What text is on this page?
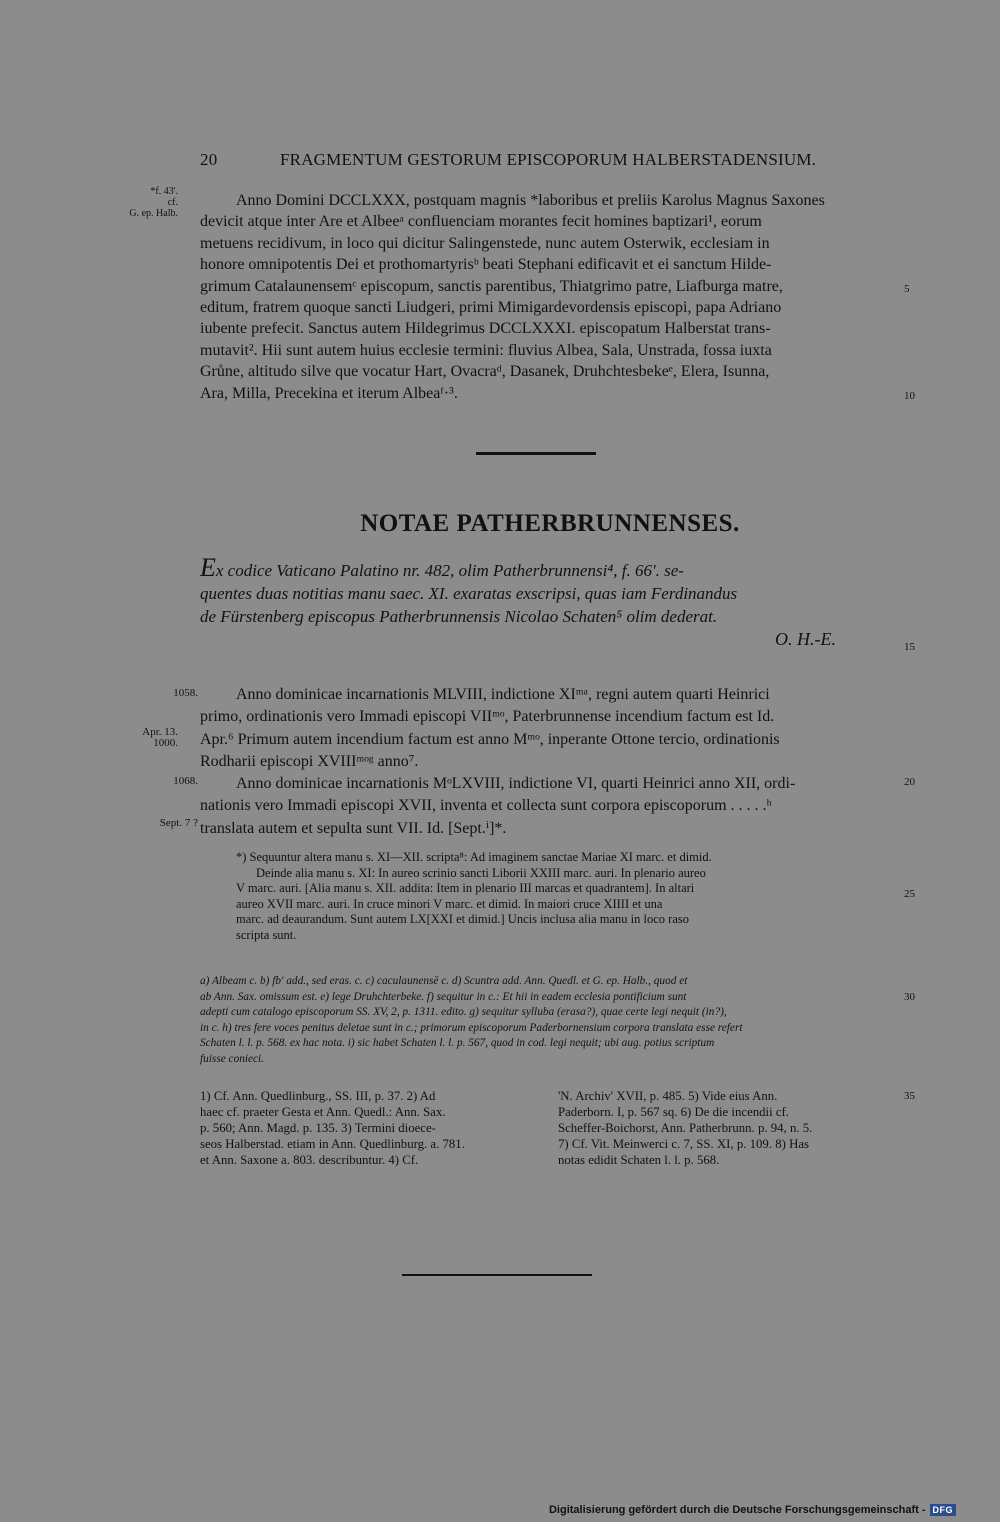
20	FRAGMENTUM GESTORUM EPISCOPORUM HALBERSTADENSIUM.
*f. 43'.
cf.
G. ep. Halb.
Anno Domini DCCLXXX, postquam magnis *laboribus et preliis Karolus Magnus Saxones
devicit atque inter Are et Albeeᵃ confluenciam morantes fecit homines baptizari¹, eorum
metuens recidivum, in loco qui dicitur Salingenstede, nunc autem Osterwik, ecclesiam in
honore omnipotentis Dei et prothomartyrisᵇ beati Stephani edificavit et ei sanctum Hilde-
grimum Catalaunensemᶜ episcopum, sanctis parentibus, Thiatgrimo patre, Liafburga matre,
editum, fratrem quoque sancti Liudgeri, primi Mimigardevordensis episcopi, papa Adriano
iubente prefecit. Sanctus autem Hildegrimus DCCLXXXI. episcopatum Halberstat trans-
mutavit². Hii sunt autem huius ecclesie termini: fluvius Albea, Sala, Unstrada, fossa iuxta
Grůne, altitudo silve que vocatur Hart, Ovacraᵈ, Dasanek, Druhchtesbekeᵉ, Elera, Isunna,
Ara, Milla, Precekina et iterum Albeaᶠ·³.
5
10
NOTAE PATHERBRUNNENSES.
Ex codice Vaticano Palatino nr. 482, olim Patherbrunnensi⁴, f. 66'. se-
quentes duas notitias manu saec. XI. exaratas exscripsi, quas iam Ferdinandus
de Fürstenberg episcopus Patherbrunnensis Nicolao Schaten⁵ olim dederat.
O. H.-E.	15
1058.
Apr. 13. 1000.
1068.
Sept. 7 ?
Anno dominicae incarnationis MLVIII, indictione XIᵐᵃ, regni autem quarti Heinrici
primo, ordinationis vero Immadi episcopi VIIᵐᵒ, Paterbrunnense incendium factum est Id.
Apr.⁶ Primum autem incendium factum est anno Mᵐᵒ, inperante Ottone tercio, ordinationis
Rodharii episcopi XVIIIᵐᵒᵍ anno⁷.
Anno dominicae incarnationis MᵒLXVIII, indictione VI, quarti Heinrici anno XII, ordi-
nationis vero Immadi episcopi XVII, inventa et collecta sunt corpora episcoporum . . . . .ʰ
translata autem et sepulta sunt VII. Id. [Sept.ⁱ]*.
20
*) Sequuntur altera manu s. XI—XII. scripta⁸: Ad imaginem sanctae Mariae XI marc. et dimid.
Deinde alia manu s. XI: In aureo scrinio sancti Liborii XXIII marc. auri. In plenario aureo
V marc. auri. [Alia manu s. XII. addita: Item in plenario III marcas et quadrantem]. In altari
aureo XVII marc. auri. In cruce minori V marc. et dimid. In maiori cruce XIIII et una
marc. ad deaurandum. Sunt autem LX[XXI et dimid.] Uncis inclusa alia manu in loco raso
scripta sunt.
25
a) Albeam c. b) fb' add., sed eras. c. c) caculaunensē c. d) Scuntra add. Ann. Quedl. et G. ep. Halb., quod et
ab Ann. Sax. omissum est. e) lege Druhchterbeke. f) sequitur in c.: Et hii in eadem ecclesia pontificium sunt
adepti cum catalogo episcoporum SS. XV, 2, p. 1311. edito. g) sequitur sylluba (erasa?), quae certe legi nequit (in?),
in c. h) tres fere voces penitus deletae sunt in c.; primorum episcoporum Paderbornensium corpora translata esse refert
Schaten l. l. p. 568. ex hac nota. i) sic habet Schaten l. l. p. 567, quod in cod. legi nequit; ubi aug. potius scriptum
fuisse conieci.
30
1) Cf. Ann. Quedlinburg., SS. III, p. 37. 2) Ad
haec cf. praeter Gesta et Ann. Quedl.: Ann. Sax.
p. 560; Ann. Magd. p. 135. 3) Termini dioece-
seos Halberstad. etiam in Ann. Quedlinburg. a. 781.
et Ann. Saxone a. 803. describuntur. 4) Cf.
'N. Archiv' XVII, p. 485. 5) Vide eius Ann.
Paderborn. I, p. 567 sq. 6) De die incendii cf.
Scheffer-Boichorst, Ann. Patherbrunn. p. 94, n. 5.
7) Cf. Vit. Meinwerci c. 7, SS. XI, p. 109. 8) Has
notas edidit Schaten l. l. p. 568.
35
Digitalisierung gefördert durch die Deutsche Forschungsgemeinschaft - DFG
